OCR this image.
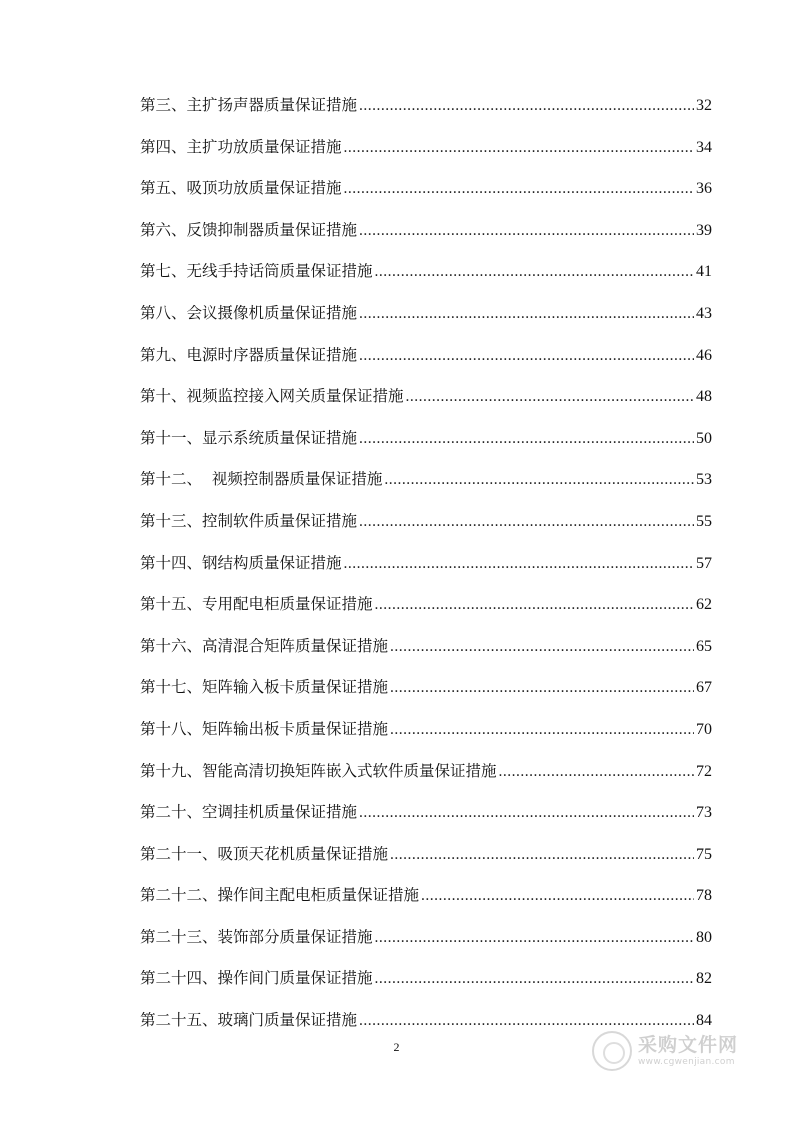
第三、主扩扬声器质量保证措施 .....	32
第四、主扩功放质量保证措施 .....	34
第五、吸顶功放质量保证措施 .....	36
第六、反馈抑制器质量保证措施 .....	39
第七、无线手持话筒质量保证措施 .....	41
第八、会议摄像机质量保证措施 .....	43
第九、电源时序器质量保证措施 .....	46
第十、视频监控接入网关质量保证措施 .....	48
第十一、显示系统质量保证措施 .....	50
第十二、  视频控制器质量保证措施 .....	53
第十三、控制软件质量保证措施 .....	55
第十四、钢结构质量保证措施 .....	57
第十五、专用配电柜质量保证措施 .....	62
第十六、高清混合矩阵质量保证措施 .....	65
第十七、矩阵输入板卡质量保证措施 .....	67
第十八、矩阵输出板卡质量保证措施 .....	70
第十九、智能高清切换矩阵嵌入式软件质量保证措施 .....	72
第二十、空调挂机质量保证措施 .....	73
第二十一、吸顶天花机质量保证措施 .....	75
第二十二、操作间主配电柜质量保证措施 .....	78
第二十三、装饰部分质量保证措施 .....	80
第二十四、操作间门质量保证措施 .....	82
第二十五、玻璃门质量保证措施 .....	84
2	采购文件网
www.cgwenjian.com
